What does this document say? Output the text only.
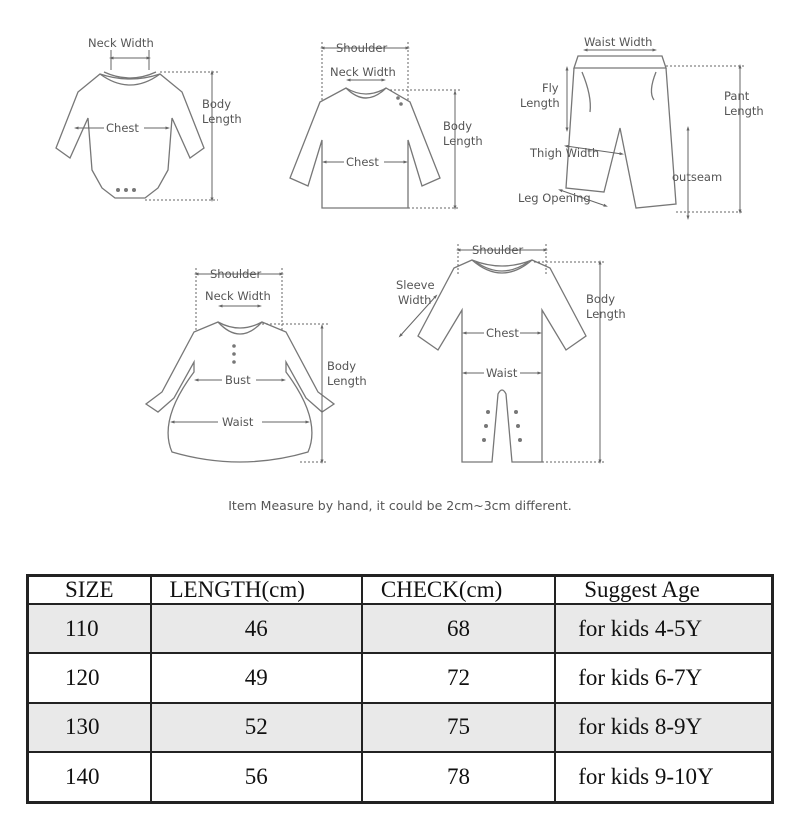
Neck Width
Chest
Body
Length
Shoulder
Neck Width
Chest
Body
Length
Waist Width
Fly
Length	Pant
Length
Thigh Width
outseam
Leg Opening
Shoulder
Neck Width
Bust
Waist
Body
Length
Shoulder
Sleeve
Width
Chest
Waist
Body
Length
Item Measure by hand, it could be 2cm~3cm different.
SIZE	LENGTH(cm)	CHECK(cm)	Suggest Age
110	46	68	for kids 4-5Y
120	49	72	for kids 6-7Y
130	52	75	for kids 8-9Y
140	56	78	for kids 9-10Y
